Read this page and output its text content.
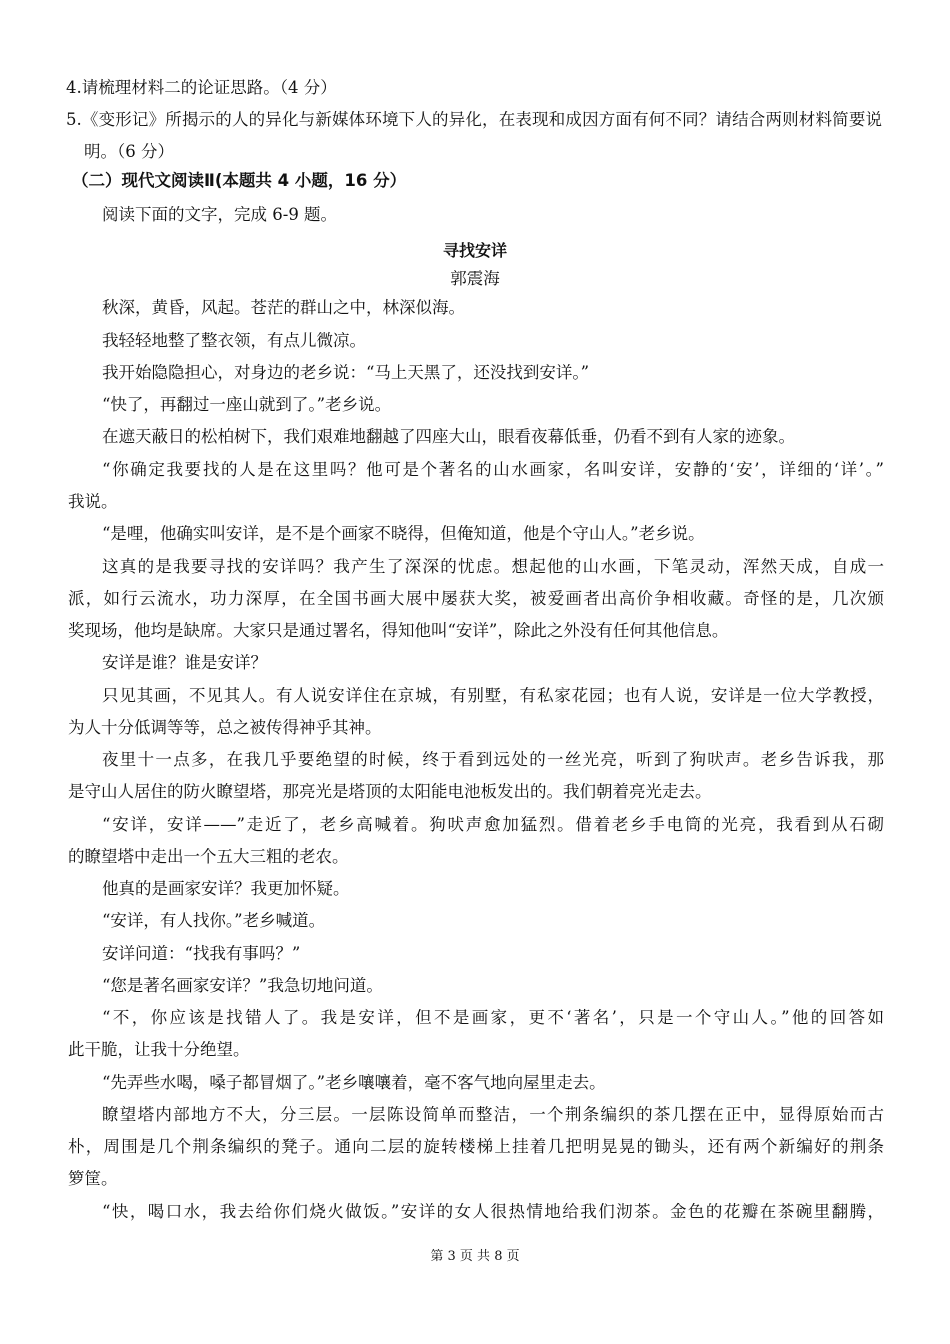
4.请梳理材料二的论证思路。（4 分）
5.《变形记》所揭示的人的异化与新媒体环境下人的异化，在表现和成因方面有何不同？请结合两则材料简要说
明。（6 分）
（二）现代文阅读Ⅱ(本题共 4 小题，16 分）
阅读下面的文字，完成 6-9 题。
寻找安详
郭震海
秋深，黄昏，风起。苍茫的群山之中，林深似海。
我轻轻地整了整衣领，有点儿微凉。
我开始隐隐担心，对身边的老乡说：“马上天黑了，还没找到安详。”
“快了，再翻过一座山就到了。”老乡说。
在遮天蔽日的松柏树下，我们艰难地翻越了四座大山，眼看夜幕低垂，仍看不到有人家的迹象。
“你确定我要找的人是在这里吗？他可是个著名的山水画家，名叫安详，安静的‘安’，详细的‘详’。”
我说。
“是哩，他确实叫安详，是不是个画家不晓得，但俺知道，他是个守山人。”老乡说。
这真的是我要寻找的安详吗？我产生了深深的忧虑。想起他的山水画，下笔灵动，浑然天成，自成一
派，如行云流水，功力深厚，在全国书画大展中屡获大奖，被爱画者出高价争相收藏。奇怪的是，几次颁
奖现场，他均是缺席。大家只是通过署名，得知他叫“安详”，除此之外没有任何其他信息。
安详是谁？谁是安详？
只见其画，不见其人。有人说安详住在京城，有别墅，有私家花园；也有人说，安详是一位大学教授，
为人十分低调等等，总之被传得神乎其神。
夜里十一点多，在我几乎要绝望的时候，终于看到远处的一丝光亮，听到了狗吠声。老乡告诉我，那
是守山人居住的防火瞭望塔，那亮光是塔顶的太阳能电池板发出的。我们朝着亮光走去。
“安详，安详——”走近了，老乡高喊着。狗吠声愈加猛烈。借着老乡手电筒的光亮，我看到从石砌
的瞭望塔中走出一个五大三粗的老农。
他真的是画家安详？我更加怀疑。
“安详，有人找你。”老乡喊道。
安详问道：“找我有事吗？”
“您是著名画家安详？”我急切地问道。
“不，你应该是找错人了。我是安详，但不是画家，更不‘著名’，只是一个守山人。”他的回答如
此干脆，让我十分绝望。
“先弄些水喝，嗓子都冒烟了。”老乡嚷嚷着，毫不客气地向屋里走去。
瞭望塔内部地方不大，分三层。一层陈设简单而整洁，一个荆条编织的茶几摆在正中，显得原始而古
朴，周围是几个荆条编织的凳子。通向二层的旋转楼梯上挂着几把明晃晃的锄头，还有两个新编好的荆条
箩筐。
“快，喝口水，我去给你们烧火做饭。”安详的女人很热情地给我们沏茶。金色的花瓣在茶碗里翻腾，
第 3 页 共 8 页
